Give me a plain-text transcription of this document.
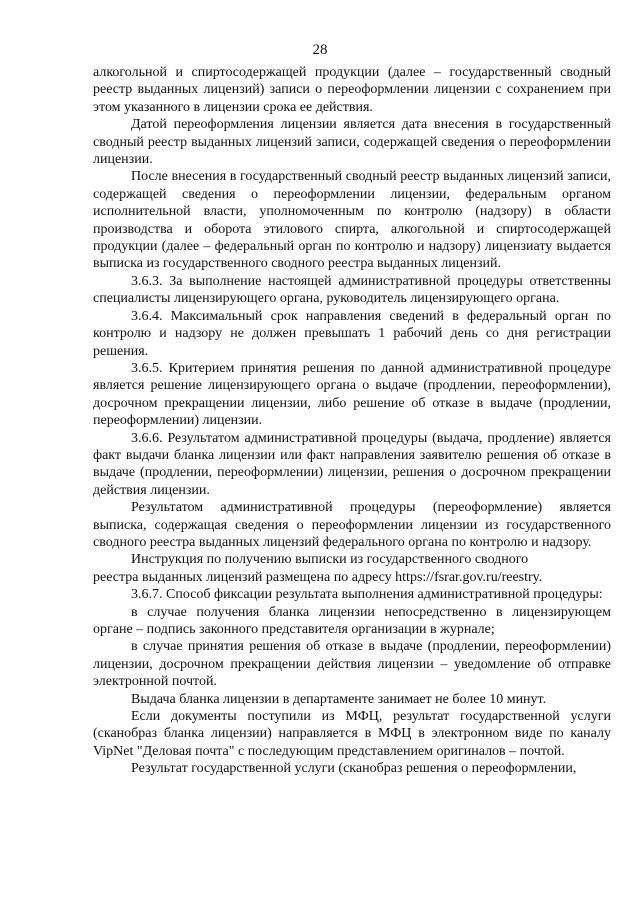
28

алкогольной и спиртосодержащей продукции (далее – государственный сводный реестр выданных лицензий) записи о переоформлении лицензии с сохранением при этом указанного в лицензии срока ее действия.

Датой переоформления лицензии является дата внесения в государственный сводный реестр выданных лицензий записи, содержащей сведения о переоформлении лицензии.

После внесения в государственный сводный реестр выданных лицензий записи, содержащей сведения о переоформлении лицензии, федеральным органом исполнительной власти, уполномоченным по контролю (надзору) в области производства и оборота этилового спирта, алкогольной и спиртосодержащей продукции (далее – федеральный орган по контролю и надзору) лицензиату выдается выписка из государственного сводного реестра выданных лицензий.

3.6.3. За выполнение настоящей административной процедуры ответственны специалисты лицензирующего органа, руководитель лицензирующего органа.

3.6.4. Максимальный срок направления сведений в федеральный орган по контролю и надзору не должен превышать 1 рабочий день со дня регистрации решения.

3.6.5. Критерием принятия решения по данной административной процедуре является решение лицензирующего органа о выдаче (продлении, переоформлении), досрочном прекращении лицензии, либо решение об отказе в выдаче (продлении, переоформлении) лицензии.

3.6.6. Результатом административной процедуры (выдача, продление) является факт выдачи бланка лицензии или факт направления заявителю решения об отказе в выдаче (продлении, переоформлении) лицензии, решения о досрочном прекращении действия лицензии.

Результатом административной процедуры (переоформление) является выписка, содержащая сведения о переоформлении лицензии из государственного сводного реестра выданных лицензий федерального органа по контролю и надзору.

Инструкция по получению выписки из государственного сводного

реестра выданных лицензий размещена по адресу https://fsrar.gov.ru/reestry.

3.6.7. Способ фиксации результата выполнения административной процедуры:

в случае получения бланка лицензии непосредственно в лицензирующем органе – подпись законного представителя организации в журнале;

в случае принятия решения об отказе в выдаче (продлении, переоформлении) лицензии, досрочном прекращении действия лицензии – уведомление об отправке электронной почтой.

Выдача бланка лицензии в департаменте занимает не более 10 минут.

Если документы поступили из МФЦ, результат государственной услуги (сканобраз бланка лицензии) направляется в МФЦ в электронном виде по каналу VipNet "Деловая почта" с последующим представлением оригиналов – почтой.

Результат государственной услуги (сканобраз решения о переоформлении,
